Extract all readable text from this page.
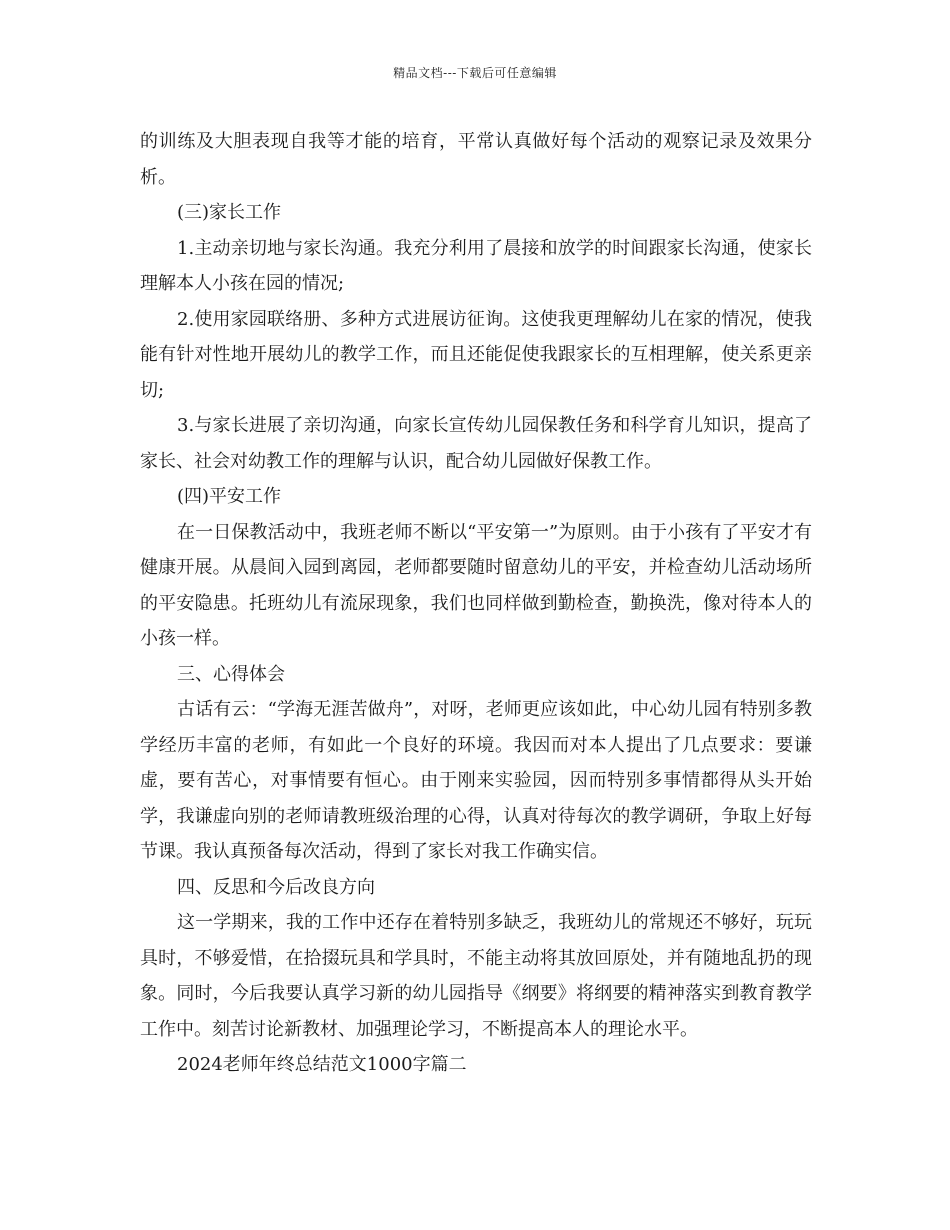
精品文档---下载后可任意编辑

的训练及大胆表现自我等才能的培育，平常认真做好每个活动的观察记录及效果分析。

(三)家长工作

1.主动亲切地与家长沟通。我充分利用了晨接和放学的时间跟家长沟通，使家长理解本人小孩在园的情况;

2.使用家园联络册、多种方式进展访征询。这使我更理解幼儿在家的情况，使我能有针对性地开展幼儿的教学工作，而且还能促使我跟家长的互相理解，使关系更亲切;

3.与家长进展了亲切沟通，向家长宣传幼儿园保教任务和科学育儿知识，提高了家长、社会对幼教工作的理解与认识，配合幼儿园做好保教工作。

(四)平安工作

在一日保教活动中，我班老师不断以“平安第一”为原则。由于小孩有了平安才有健康开展。从晨间入园到离园，老师都要随时留意幼儿的平安，并检查幼儿活动场所的平安隐患。托班幼儿有流尿现象，我们也同样做到勤检查，勤换洗，像对待本人的小孩一样。

三、心得体会

古话有云：“学海无涯苦做舟”，对呀，老师更应该如此，中心幼儿园有特别多教学经历丰富的老师，有如此一个良好的环境。我因而对本人提出了几点要求：要谦虚，要有苦心，对事情要有恒心。由于刚来实验园，因而特别多事情都得从头开始学，我谦虚向别的老师请教班级治理的心得，认真对待每次的教学调研，争取上好每节课。我认真预备每次活动，得到了家长对我工作确实信。

四、反思和今后改良方向

这一学期来，我的工作中还存在着特别多缺乏，我班幼儿的常规还不够好，玩玩具时，不够爱惜，在拾掇玩具和学具时，不能主动将其放回原处，并有随地乱扔的现象。同时，今后我要认真学习新的幼儿园指导《纲要》将纲要的精神落实到教育教学工作中。刻苦讨论新教材、加强理论学习，不断提高本人的理论水平。

2024老师年终总结范文1000字篇二
